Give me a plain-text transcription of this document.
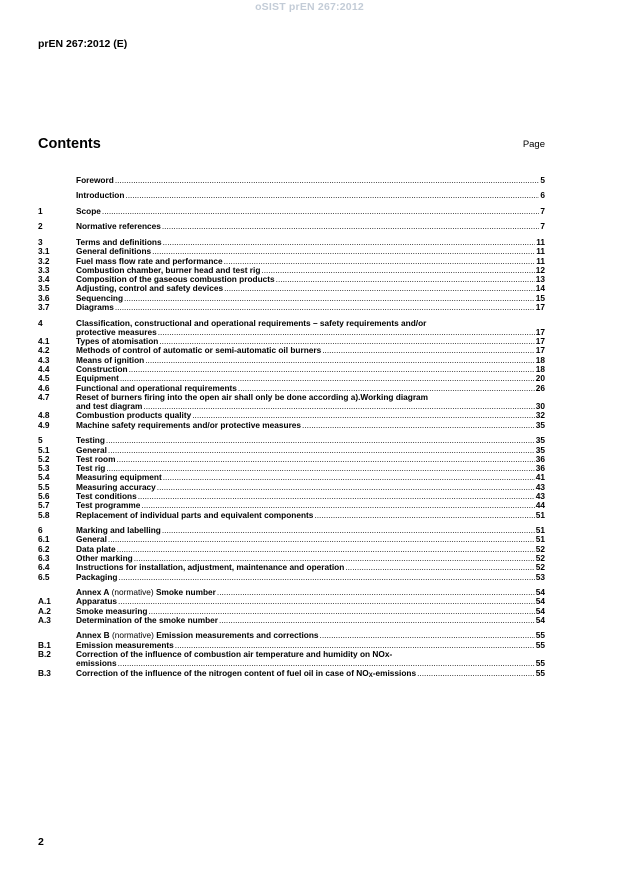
oSIST prEN 267:2012
prEN 267:2012 (E)
Contents	Page
Foreword .....	5
Introduction .....	6
1	Scope .....	7
2	Normative references .....	7
3	Terms and definitions .....	11
3.1	General definitions .....	11
3.2	Fuel mass flow rate and performance .....	11
3.3	Combustion chamber, burner head and test rig .....	12
3.4	Composition of the gaseous combustion products .....	13
3.5	Adjusting, control and safety devices .....	14
3.6	Sequencing .....	15
3.7	Diagrams .....	17
4	Classification, constructional and operational requirements – safety requirements and/or
protective measures .....	17
4.1	Types of atomisation .....	17
4.2	Methods of control of automatic or semi-automatic oil burners .....	17
4.3	Means of ignition .....	18
4.4	Construction .....	18
4.5	Equipment .....	20
4.6	Functional and operational requirements .....	26
4.7	Reset of burners firing into the open air shall only be done according a).Working diagram
and test diagram .....	30
4.8	Combustion products quality .....	32
4.9	Machine safety requirements and/or protective measures .....	35
5	Testing .....	35
5.1	General .....	35
5.2	Test room .....	36
5.3	Test rig .....	36
5.4	Measuring equipment .....	41
5.5	Measuring accuracy .....	43
5.6	Test conditions .....	43
5.7	Test programme .....	44
5.8	Replacement of individual parts and equivalent components .....	51
6	Marking and labelling .....	51
6.1	General .....	51
6.2	Data plate .....	52
6.3	Other marking .....	52
6.4	Instructions for installation, adjustment, maintenance and operation .....	52
6.5	Packaging .....	53
Annex A (normative) Smoke number .....	54
A.1	Apparatus .....	54
A.2	Smoke measuring .....	54
A.3	Determination of the smoke number .....	54
Annex B (normative) Emission measurements and corrections .....	55
B.1	Emission measurements .....	55
B.2	Correction of the influence of combustion air temperature and humidity on NOx-
emissions .....	55
B.3	Correction of the influence of the nitrogen content of fuel oil in case of NOX-emissions .....	55
2
